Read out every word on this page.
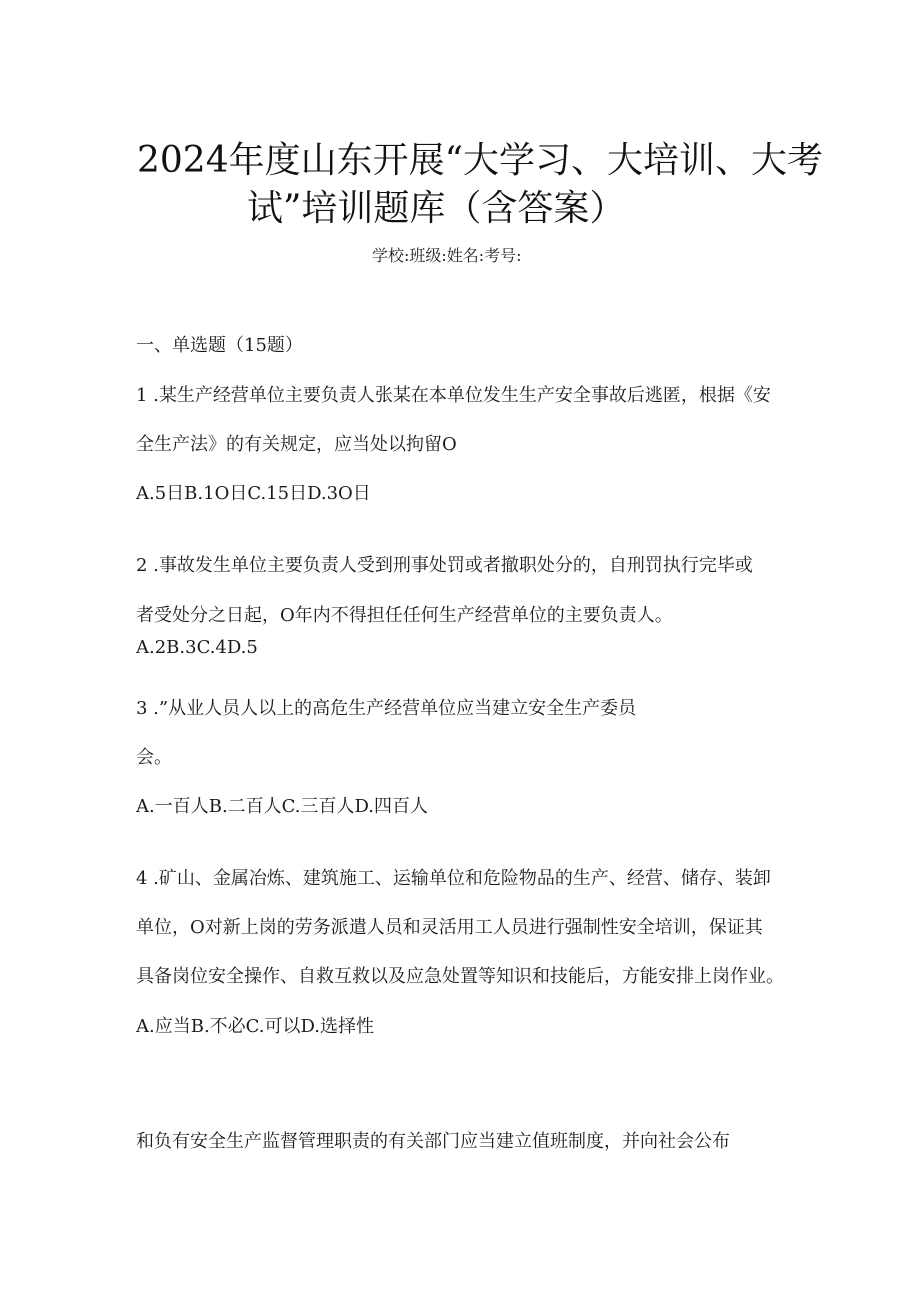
2024年度山东开展“大学习、大培训、大考
试”培训题库（含答案）
学校:班级:姓名:考号:
一、单选题（15题）
1 .某生产经营单位主要负责人张某在本单位发生生产安全事故后逃匿，根据《安
全生产法》的有关规定，应当处以拘留O
A.5日B.1O日C.15日D.3O日
2 .事故发生单位主要负责人受到刑事处罚或者撤职处分的，自刑罚执行完毕或
者受处分之日起，O年内不得担任任何生产经营单位的主要负责人。
A.2B.3C.4D.5
3 .”从业人员人以上的高危生产经营单位应当建立安全生产委员
会。
A.一百人B.二百人C.三百人D.四百人
4 .矿山、金属冶炼、建筑施工、运输单位和危险物品的生产、经营、储存、装卸
单位，O对新上岗的劳务派遣人员和灵活用工人员进行强制性安全培训，保证其
具备岗位安全操作、自救互救以及应急处置等知识和技能后，方能安排上岗作业。
A.应当B.不必C.可以D.选择性
和负有安全生产监督管理职责的有关部门应当建立值班制度，并向社会公布
